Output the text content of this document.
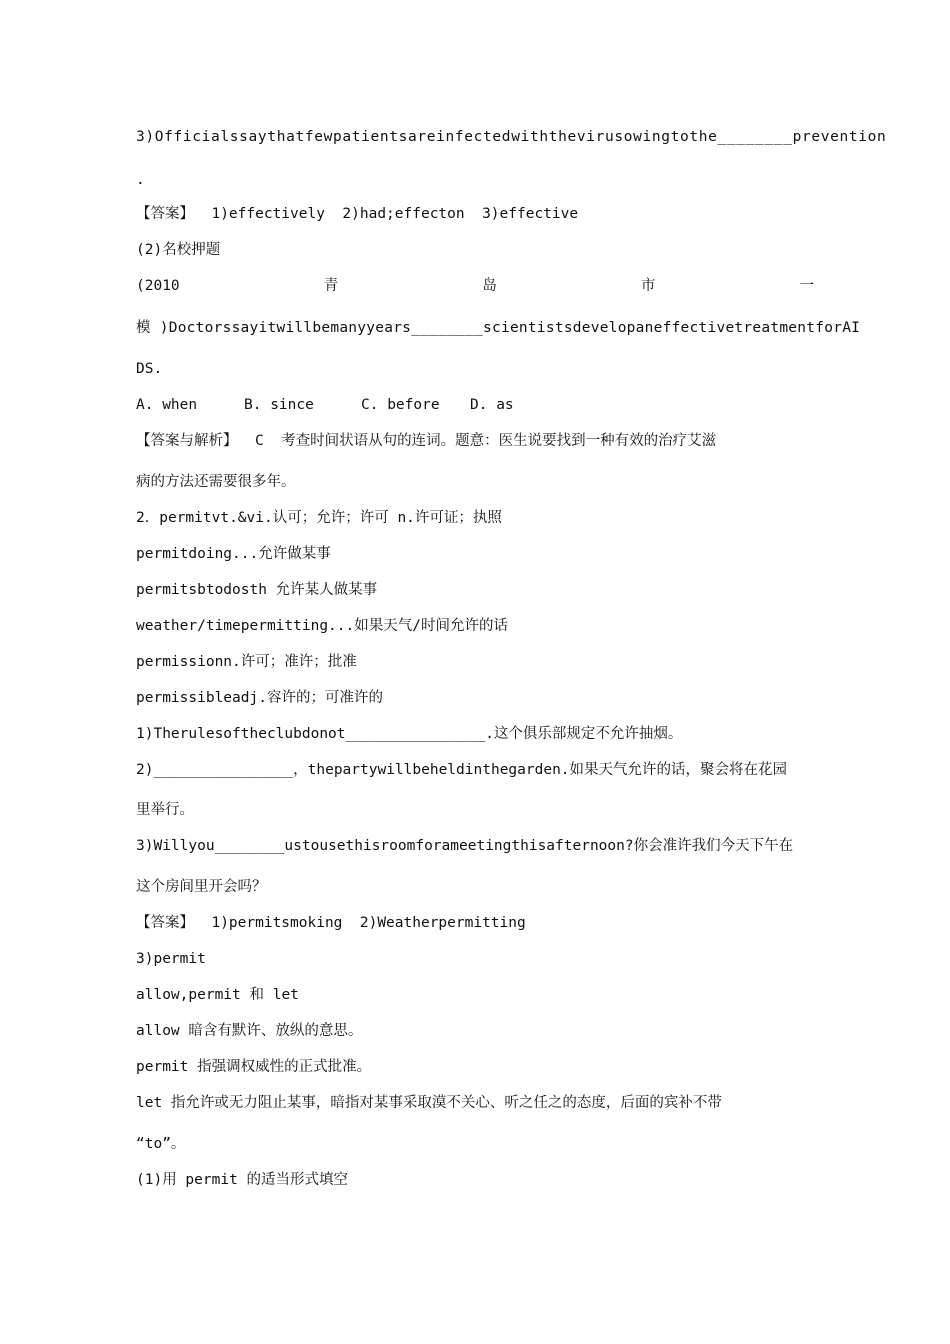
3)Officialssaythatfewpatientsareinfectedwiththevirusowingtothe________prevention
.
【答案】  1)effectively  2)had;effecton  3)effective
(2)名校押题
(2010	青	岛	市	一
模 )Doctorssayitwillbemanyyears________scientistsdevelopaneffectivetreatmentforAI
DS.
A. when	B. since	C. before	D. as
【答案与解析】  C  考查时间状语从句的连词。题意：医生说要找到一种有效的治疗艾滋
病的方法还需要很多年。
2．permitvt.&vi.认可；允许；许可 n.许可证；执照
permitdoing...允许做某事
permitsbtodosth 允许某人做某事
weather/timepermitting...如果天气/时间允许的话
permissionn.许可；准许；批准
permissibleadj.容许的；可准许的
1)Therulesoftheclubdonot________________.这个俱乐部规定不允许抽烟。
2)________________，thepartywillbeheldinthegarden.如果天气允许的话，聚会将在花园
里举行。
3)Willyou________ustousethisroomforameetingthisafternoon?你会准许我们今天下午在
这个房间里开会吗？
【答案】  1)permitsmoking  2)Weatherpermitting
3)permit
allow,permit 和 let
allow 暗含有默许、放纵的意思。
permit 指强调权威性的正式批准。
let 指允许或无力阻止某事，暗指对某事采取漠不关心、听之任之的态度，后面的宾补不带
“to”。
(1)用 permit 的适当形式填空
